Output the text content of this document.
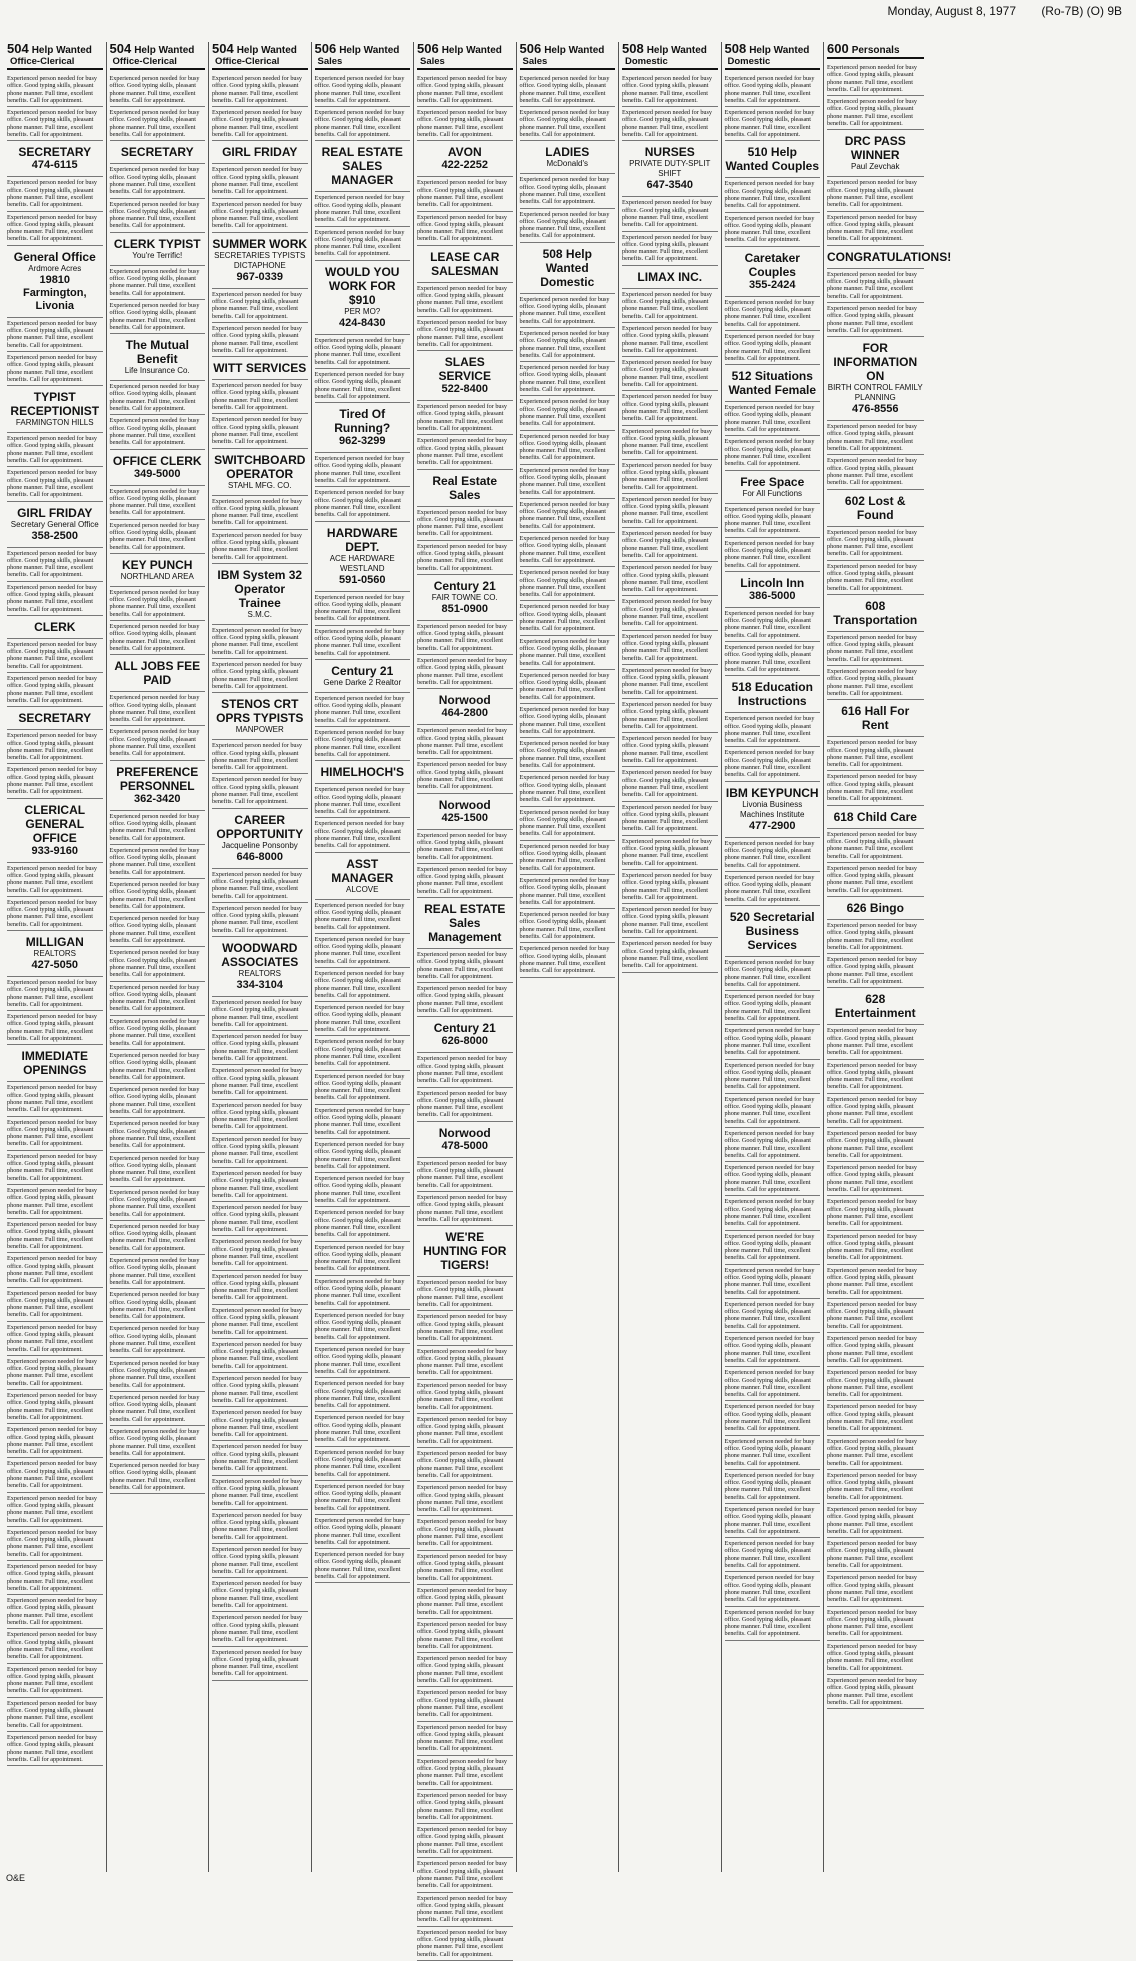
Monday, August 8, 1977 (Ro-7B) (O) 9B
504 Help Wanted
Office-Clerical
Experienced person needed for busy office. Good typing skills, pleasant phone manner. Full time, excellent benefits. Call for appointment.
Experienced person needed for busy office. Good typing skills, pleasant phone manner. Full time, excellent benefits. Call for appointment.
SECRETARY
474-6115
Experienced person needed for busy office. Good typing skills, pleasant phone manner. Full time, excellent benefits. Call for appointment.
Experienced person needed for busy office. Good typing skills, pleasant phone manner. Full time, excellent benefits. Call for appointment.
General Office
Ardmore Acres
19810 Farmington, Livonia
Experienced person needed for busy office. Good typing skills, pleasant phone manner. Full time, excellent benefits. Call for appointment.
Experienced person needed for busy office. Good typing skills, pleasant phone manner. Full time, excellent benefits. Call for appointment.
TYPIST RECEPTIONIST
FARMINGTON HILLS
Experienced person needed for busy office. Good typing skills, pleasant phone manner. Full time, excellent benefits. Call for appointment.
Experienced person needed for busy office. Good typing skills, pleasant phone manner. Full time, excellent benefits. Call for appointment.
GIRL FRIDAY
Secretary General Office
358-2500
Experienced person needed for busy office. Good typing skills, pleasant phone manner. Full time, excellent benefits. Call for appointment.
Experienced person needed for busy office. Good typing skills, pleasant phone manner. Full time, excellent benefits. Call for appointment.
CLERK
Experienced person needed for busy office. Good typing skills, pleasant phone manner. Full time, excellent benefits. Call for appointment.
Experienced person needed for busy office. Good typing skills, pleasant phone manner. Full time, excellent benefits. Call for appointment.
SECRETARY
Experienced person needed for busy office. Good typing skills, pleasant phone manner. Full time, excellent benefits. Call for appointment.
Experienced person needed for busy office. Good typing skills, pleasant phone manner. Full time, excellent benefits. Call for appointment.
CLERICAL GENERAL OFFICE
933-9160
Experienced person needed for busy office. Good typing skills, pleasant phone manner. Full time, excellent benefits. Call for appointment.
Experienced person needed for busy office. Good typing skills, pleasant phone manner. Full time, excellent benefits. Call for appointment.
MILLIGAN
REALTORS
427-5050
Experienced person needed for busy office. Good typing skills, pleasant phone manner. Full time, excellent benefits. Call for appointment.
Experienced person needed for busy office. Good typing skills, pleasant phone manner. Full time, excellent benefits. Call for appointment.
IMMEDIATE OPENINGS
Experienced person needed for busy office. Good typing skills, pleasant phone manner. Full time, excellent benefits. Call for appointment.
Experienced person needed for busy office. Good typing skills, pleasant phone manner. Full time, excellent benefits. Call for appointment.
Experienced person needed for busy office. Good typing skills, pleasant phone manner. Full time, excellent benefits. Call for appointment.
Experienced person needed for busy office. Good typing skills, pleasant phone manner. Full time, excellent benefits. Call for appointment.
Experienced person needed for busy office. Good typing skills, pleasant phone manner. Full time, excellent benefits. Call for appointment.
Experienced person needed for busy office. Good typing skills, pleasant phone manner. Full time, excellent benefits. Call for appointment.
Experienced person needed for busy office. Good typing skills, pleasant phone manner. Full time, excellent benefits. Call for appointment.
Experienced person needed for busy office. Good typing skills, pleasant phone manner. Full time, excellent benefits. Call for appointment.
Experienced person needed for busy office. Good typing skills, pleasant phone manner. Full time, excellent benefits. Call for appointment.
Experienced person needed for busy office. Good typing skills, pleasant phone manner. Full time, excellent benefits. Call for appointment.
Experienced person needed for busy office. Good typing skills, pleasant phone manner. Full time, excellent benefits. Call for appointment.
Experienced person needed for busy office. Good typing skills, pleasant phone manner. Full time, excellent benefits. Call for appointment.
Experienced person needed for busy office. Good typing skills, pleasant phone manner. Full time, excellent benefits. Call for appointment.
Experienced person needed for busy office. Good typing skills, pleasant phone manner. Full time, excellent benefits. Call for appointment.
Experienced person needed for busy office. Good typing skills, pleasant phone manner. Full time, excellent benefits. Call for appointment.
Experienced person needed for busy office. Good typing skills, pleasant phone manner. Full time, excellent benefits. Call for appointment.
Experienced person needed for busy office. Good typing skills, pleasant phone manner. Full time, excellent benefits. Call for appointment.
Experienced person needed for busy office. Good typing skills, pleasant phone manner. Full time, excellent benefits. Call for appointment.
Experienced person needed for busy office. Good typing skills, pleasant phone manner. Full time, excellent benefits. Call for appointment.
Experienced person needed for busy office. Good typing skills, pleasant phone manner. Full time, excellent benefits. Call for appointment.
504 Help Wanted
Office-Clerical
Experienced person needed for busy office. Good typing skills, pleasant phone manner. Full time, excellent benefits. Call for appointment.
Experienced person needed for busy office. Good typing skills, pleasant phone manner. Full time, excellent benefits. Call for appointment.
SECRETARY
Experienced person needed for busy office. Good typing skills, pleasant phone manner. Full time, excellent benefits. Call for appointment.
Experienced person needed for busy office. Good typing skills, pleasant phone manner. Full time, excellent benefits. Call for appointment.
CLERK TYPIST
You're Terrific!
Experienced person needed for busy office. Good typing skills, pleasant phone manner. Full time, excellent benefits. Call for appointment.
Experienced person needed for busy office. Good typing skills, pleasant phone manner. Full time, excellent benefits. Call for appointment.
The Mutual Benefit
Life Insurance Co.
Experienced person needed for busy office. Good typing skills, pleasant phone manner. Full time, excellent benefits. Call for appointment.
Experienced person needed for busy office. Good typing skills, pleasant phone manner. Full time, excellent benefits. Call for appointment.
OFFICE CLERK
349-5000
Experienced person needed for busy office. Good typing skills, pleasant phone manner. Full time, excellent benefits. Call for appointment.
Experienced person needed for busy office. Good typing skills, pleasant phone manner. Full time, excellent benefits. Call for appointment.
KEY PUNCH
NORTHLAND AREA
Experienced person needed for busy office. Good typing skills, pleasant phone manner. Full time, excellent benefits. Call for appointment.
Experienced person needed for busy office. Good typing skills, pleasant phone manner. Full time, excellent benefits. Call for appointment.
ALL JOBS FEE PAID
Experienced person needed for busy office. Good typing skills, pleasant phone manner. Full time, excellent benefits. Call for appointment.
Experienced person needed for busy office. Good typing skills, pleasant phone manner. Full time, excellent benefits. Call for appointment.
PREFERENCE PERSONNEL
362-3420
Experienced person needed for busy office. Good typing skills, pleasant phone manner. Full time, excellent benefits. Call for appointment.
Experienced person needed for busy office. Good typing skills, pleasant phone manner. Full time, excellent benefits. Call for appointment.
Experienced person needed for busy office. Good typing skills, pleasant phone manner. Full time, excellent benefits. Call for appointment.
Experienced person needed for busy office. Good typing skills, pleasant phone manner. Full time, excellent benefits. Call for appointment.
Experienced person needed for busy office. Good typing skills, pleasant phone manner. Full time, excellent benefits. Call for appointment.
Experienced person needed for busy office. Good typing skills, pleasant phone manner. Full time, excellent benefits. Call for appointment.
Experienced person needed for busy office. Good typing skills, pleasant phone manner. Full time, excellent benefits. Call for appointment.
Experienced person needed for busy office. Good typing skills, pleasant phone manner. Full time, excellent benefits. Call for appointment.
Experienced person needed for busy office. Good typing skills, pleasant phone manner. Full time, excellent benefits. Call for appointment.
Experienced person needed for busy office. Good typing skills, pleasant phone manner. Full time, excellent benefits. Call for appointment.
Experienced person needed for busy office. Good typing skills, pleasant phone manner. Full time, excellent benefits. Call for appointment.
Experienced person needed for busy office. Good typing skills, pleasant phone manner. Full time, excellent benefits. Call for appointment.
Experienced person needed for busy office. Good typing skills, pleasant phone manner. Full time, excellent benefits. Call for appointment.
Experienced person needed for busy office. Good typing skills, pleasant phone manner. Full time, excellent benefits. Call for appointment.
Experienced person needed for busy office. Good typing skills, pleasant phone manner. Full time, excellent benefits. Call for appointment.
Experienced person needed for busy office. Good typing skills, pleasant phone manner. Full time, excellent benefits. Call for appointment.
Experienced person needed for busy office. Good typing skills, pleasant phone manner. Full time, excellent benefits. Call for appointment.
Experienced person needed for busy office. Good typing skills, pleasant phone manner. Full time, excellent benefits. Call for appointment.
Experienced person needed for busy office. Good typing skills, pleasant phone manner. Full time, excellent benefits. Call for appointment.
Experienced person needed for busy office. Good typing skills, pleasant phone manner. Full time, excellent benefits. Call for appointment.
504 Help Wanted
Office-Clerical
Experienced person needed for busy office. Good typing skills, pleasant phone manner. Full time, excellent benefits. Call for appointment.
Experienced person needed for busy office. Good typing skills, pleasant phone manner. Full time, excellent benefits. Call for appointment.
GIRL FRIDAY
Experienced person needed for busy office. Good typing skills, pleasant phone manner. Full time, excellent benefits. Call for appointment.
Experienced person needed for busy office. Good typing skills, pleasant phone manner. Full time, excellent benefits. Call for appointment.
SUMMER WORK
SECRETARIES TYPISTS DICTAPHONE
967-0339
Experienced person needed for busy office. Good typing skills, pleasant phone manner. Full time, excellent benefits. Call for appointment.
Experienced person needed for busy office. Good typing skills, pleasant phone manner. Full time, excellent benefits. Call for appointment.
WITT SERVICES
Experienced person needed for busy office. Good typing skills, pleasant phone manner. Full time, excellent benefits. Call for appointment.
Experienced person needed for busy office. Good typing skills, pleasant phone manner. Full time, excellent benefits. Call for appointment.
SWITCHBOARD OPERATOR
STAHL MFG. CO.
Experienced person needed for busy office. Good typing skills, pleasant phone manner. Full time, excellent benefits. Call for appointment.
Experienced person needed for busy office. Good typing skills, pleasant phone manner. Full time, excellent benefits. Call for appointment.
IBM System 32 Operator Trainee
S.M.C.
Experienced person needed for busy office. Good typing skills, pleasant phone manner. Full time, excellent benefits. Call for appointment.
Experienced person needed for busy office. Good typing skills, pleasant phone manner. Full time, excellent benefits. Call for appointment.
STENOS CRT OPRS TYPISTS
MANPOWER
Experienced person needed for busy office. Good typing skills, pleasant phone manner. Full time, excellent benefits. Call for appointment.
Experienced person needed for busy office. Good typing skills, pleasant phone manner. Full time, excellent benefits. Call for appointment.
CAREER OPPORTUNITY
Jacqueline Ponsonby
646-8000
Experienced person needed for busy office. Good typing skills, pleasant phone manner. Full time, excellent benefits. Call for appointment.
Experienced person needed for busy office. Good typing skills, pleasant phone manner. Full time, excellent benefits. Call for appointment.
WOODWARD ASSOCIATES
REALTORS
334-3104
Experienced person needed for busy office. Good typing skills, pleasant phone manner. Full time, excellent benefits. Call for appointment.
Experienced person needed for busy office. Good typing skills, pleasant phone manner. Full time, excellent benefits. Call for appointment.
Experienced person needed for busy office. Good typing skills, pleasant phone manner. Full time, excellent benefits. Call for appointment.
Experienced person needed for busy office. Good typing skills, pleasant phone manner. Full time, excellent benefits. Call for appointment.
Experienced person needed for busy office. Good typing skills, pleasant phone manner. Full time, excellent benefits. Call for appointment.
Experienced person needed for busy office. Good typing skills, pleasant phone manner. Full time, excellent benefits. Call for appointment.
Experienced person needed for busy office. Good typing skills, pleasant phone manner. Full time, excellent benefits. Call for appointment.
Experienced person needed for busy office. Good typing skills, pleasant phone manner. Full time, excellent benefits. Call for appointment.
Experienced person needed for busy office. Good typing skills, pleasant phone manner. Full time, excellent benefits. Call for appointment.
Experienced person needed for busy office. Good typing skills, pleasant phone manner. Full time, excellent benefits. Call for appointment.
Experienced person needed for busy office. Good typing skills, pleasant phone manner. Full time, excellent benefits. Call for appointment.
Experienced person needed for busy office. Good typing skills, pleasant phone manner. Full time, excellent benefits. Call for appointment.
Experienced person needed for busy office. Good typing skills, pleasant phone manner. Full time, excellent benefits. Call for appointment.
Experienced person needed for busy office. Good typing skills, pleasant phone manner. Full time, excellent benefits. Call for appointment.
Experienced person needed for busy office. Good typing skills, pleasant phone manner. Full time, excellent benefits. Call for appointment.
Experienced person needed for busy office. Good typing skills, pleasant phone manner. Full time, excellent benefits. Call for appointment.
Experienced person needed for busy office. Good typing skills, pleasant phone manner. Full time, excellent benefits. Call for appointment.
Experienced person needed for busy office. Good typing skills, pleasant phone manner. Full time, excellent benefits. Call for appointment.
Experienced person needed for busy office. Good typing skills, pleasant phone manner. Full time, excellent benefits. Call for appointment.
Experienced person needed for busy office. Good typing skills, pleasant phone manner. Full time, excellent benefits. Call for appointment.
506 Help Wanted
Sales
Experienced person needed for busy office. Good typing skills, pleasant phone manner. Full time, excellent benefits. Call for appointment.
Experienced person needed for busy office. Good typing skills, pleasant phone manner. Full time, excellent benefits. Call for appointment.
REAL ESTATE SALES MANAGER
Experienced person needed for busy office. Good typing skills, pleasant phone manner. Full time, excellent benefits. Call for appointment.
Experienced person needed for busy office. Good typing skills, pleasant phone manner. Full time, excellent benefits. Call for appointment.
WOULD YOU WORK FOR $910
PER MO?
424-8430
Experienced person needed for busy office. Good typing skills, pleasant phone manner. Full time, excellent benefits. Call for appointment.
Experienced person needed for busy office. Good typing skills, pleasant phone manner. Full time, excellent benefits. Call for appointment.
Tired Of Running?
962-3299
Experienced person needed for busy office. Good typing skills, pleasant phone manner. Full time, excellent benefits. Call for appointment.
Experienced person needed for busy office. Good typing skills, pleasant phone manner. Full time, excellent benefits. Call for appointment.
HARDWARE DEPT.
ACE HARDWARE WESTLAND
591-0560
Experienced person needed for busy office. Good typing skills, pleasant phone manner. Full time, excellent benefits. Call for appointment.
Experienced person needed for busy office. Good typing skills, pleasant phone manner. Full time, excellent benefits. Call for appointment.
Century 21
Gene Darke 2 Realtor
Experienced person needed for busy office. Good typing skills, pleasant phone manner. Full time, excellent benefits. Call for appointment.
Experienced person needed for busy office. Good typing skills, pleasant phone manner. Full time, excellent benefits. Call for appointment.
HIMELHOCH'S
Experienced person needed for busy office. Good typing skills, pleasant phone manner. Full time, excellent benefits. Call for appointment.
Experienced person needed for busy office. Good typing skills, pleasant phone manner. Full time, excellent benefits. Call for appointment.
ASST MANAGER
ALCOVE
Experienced person needed for busy office. Good typing skills, pleasant phone manner. Full time, excellent benefits. Call for appointment.
Experienced person needed for busy office. Good typing skills, pleasant phone manner. Full time, excellent benefits. Call for appointment.
Experienced person needed for busy office. Good typing skills, pleasant phone manner. Full time, excellent benefits. Call for appointment.
Experienced person needed for busy office. Good typing skills, pleasant phone manner. Full time, excellent benefits. Call for appointment.
Experienced person needed for busy office. Good typing skills, pleasant phone manner. Full time, excellent benefits. Call for appointment.
Experienced person needed for busy office. Good typing skills, pleasant phone manner. Full time, excellent benefits. Call for appointment.
Experienced person needed for busy office. Good typing skills, pleasant phone manner. Full time, excellent benefits. Call for appointment.
Experienced person needed for busy office. Good typing skills, pleasant phone manner. Full time, excellent benefits. Call for appointment.
Experienced person needed for busy office. Good typing skills, pleasant phone manner. Full time, excellent benefits. Call for appointment.
Experienced person needed for busy office. Good typing skills, pleasant phone manner. Full time, excellent benefits. Call for appointment.
Experienced person needed for busy office. Good typing skills, pleasant phone manner. Full time, excellent benefits. Call for appointment.
Experienced person needed for busy office. Good typing skills, pleasant phone manner. Full time, excellent benefits. Call for appointment.
Experienced person needed for busy office. Good typing skills, pleasant phone manner. Full time, excellent benefits. Call for appointment.
Experienced person needed for busy office. Good typing skills, pleasant phone manner. Full time, excellent benefits. Call for appointment.
Experienced person needed for busy office. Good typing skills, pleasant phone manner. Full time, excellent benefits. Call for appointment.
Experienced person needed for busy office. Good typing skills, pleasant phone manner. Full time, excellent benefits. Call for appointment.
Experienced person needed for busy office. Good typing skills, pleasant phone manner. Full time, excellent benefits. Call for appointment.
Experienced person needed for busy office. Good typing skills, pleasant phone manner. Full time, excellent benefits. Call for appointment.
Experienced person needed for busy office. Good typing skills, pleasant phone manner. Full time, excellent benefits. Call for appointment.
Experienced person needed for busy office. Good typing skills, pleasant phone manner. Full time, excellent benefits. Call for appointment.
506 Help Wanted
Sales
Experienced person needed for busy office. Good typing skills, pleasant phone manner. Full time, excellent benefits. Call for appointment.
Experienced person needed for busy office. Good typing skills, pleasant phone manner. Full time, excellent benefits. Call for appointment.
AVON
422-2252
Experienced person needed for busy office. Good typing skills, pleasant phone manner. Full time, excellent benefits. Call for appointment.
Experienced person needed for busy office. Good typing skills, pleasant phone manner. Full time, excellent benefits. Call for appointment.
LEASE CAR SALESMAN
Experienced person needed for busy office. Good typing skills, pleasant phone manner. Full time, excellent benefits. Call for appointment.
Experienced person needed for busy office. Good typing skills, pleasant phone manner. Full time, excellent benefits. Call for appointment.
SLAES SERVICE
522-8400
Experienced person needed for busy office. Good typing skills, pleasant phone manner. Full time, excellent benefits. Call for appointment.
Experienced person needed for busy office. Good typing skills, pleasant phone manner. Full time, excellent benefits. Call for appointment.
Real Estate Sales
Experienced person needed for busy office. Good typing skills, pleasant phone manner. Full time, excellent benefits. Call for appointment.
Experienced person needed for busy office. Good typing skills, pleasant phone manner. Full time, excellent benefits. Call for appointment.
Century 21
FAIR TOWNE CO.
851-0900
Experienced person needed for busy office. Good typing skills, pleasant phone manner. Full time, excellent benefits. Call for appointment.
Experienced person needed for busy office. Good typing skills, pleasant phone manner. Full time, excellent benefits. Call for appointment.
Norwood
464-2800
Experienced person needed for busy office. Good typing skills, pleasant phone manner. Full time, excellent benefits. Call for appointment.
Experienced person needed for busy office. Good typing skills, pleasant phone manner. Full time, excellent benefits. Call for appointment.
Norwood
425-1500
Experienced person needed for busy office. Good typing skills, pleasant phone manner. Full time, excellent benefits. Call for appointment.
Experienced person needed for busy office. Good typing skills, pleasant phone manner. Full time, excellent benefits. Call for appointment.
REAL ESTATE Sales Management
Experienced person needed for busy office. Good typing skills, pleasant phone manner. Full time, excellent benefits. Call for appointment.
Experienced person needed for busy office. Good typing skills, pleasant phone manner. Full time, excellent benefits. Call for appointment.
Century 21
626-8000
Experienced person needed for busy office. Good typing skills, pleasant phone manner. Full time, excellent benefits. Call for appointment.
Experienced person needed for busy office. Good typing skills, pleasant phone manner. Full time, excellent benefits. Call for appointment.
Norwood
478-5000
Experienced person needed for busy office. Good typing skills, pleasant phone manner. Full time, excellent benefits. Call for appointment.
Experienced person needed for busy office. Good typing skills, pleasant phone manner. Full time, excellent benefits. Call for appointment.
WE'RE HUNTING FOR TIGERS!
Experienced person needed for busy office. Good typing skills, pleasant phone manner. Full time, excellent benefits. Call for appointment.
Experienced person needed for busy office. Good typing skills, pleasant phone manner. Full time, excellent benefits. Call for appointment.
Experienced person needed for busy office. Good typing skills, pleasant phone manner. Full time, excellent benefits. Call for appointment.
Experienced person needed for busy office. Good typing skills, pleasant phone manner. Full time, excellent benefits. Call for appointment.
Experienced person needed for busy office. Good typing skills, pleasant phone manner. Full time, excellent benefits. Call for appointment.
Experienced person needed for busy office. Good typing skills, pleasant phone manner. Full time, excellent benefits. Call for appointment.
Experienced person needed for busy office. Good typing skills, pleasant phone manner. Full time, excellent benefits. Call for appointment.
Experienced person needed for busy office. Good typing skills, pleasant phone manner. Full time, excellent benefits. Call for appointment.
Experienced person needed for busy office. Good typing skills, pleasant phone manner. Full time, excellent benefits. Call for appointment.
Experienced person needed for busy office. Good typing skills, pleasant phone manner. Full time, excellent benefits. Call for appointment.
Experienced person needed for busy office. Good typing skills, pleasant phone manner. Full time, excellent benefits. Call for appointment.
Experienced person needed for busy office. Good typing skills, pleasant phone manner. Full time, excellent benefits. Call for appointment.
Experienced person needed for busy office. Good typing skills, pleasant phone manner. Full time, excellent benefits. Call for appointment.
Experienced person needed for busy office. Good typing skills, pleasant phone manner. Full time, excellent benefits. Call for appointment.
Experienced person needed for busy office. Good typing skills, pleasant phone manner. Full time, excellent benefits. Call for appointment.
Experienced person needed for busy office. Good typing skills, pleasant phone manner. Full time, excellent benefits. Call for appointment.
Experienced person needed for busy office. Good typing skills, pleasant phone manner. Full time, excellent benefits. Call for appointment.
Experienced person needed for busy office. Good typing skills, pleasant phone manner. Full time, excellent benefits. Call for appointment.
Experienced person needed for busy office. Good typing skills, pleasant phone manner. Full time, excellent benefits. Call for appointment.
Experienced person needed for busy office. Good typing skills, pleasant phone manner. Full time, excellent benefits. Call for appointment.
506 Help Wanted
Sales
Experienced person needed for busy office. Good typing skills, pleasant phone manner. Full time, excellent benefits. Call for appointment.
Experienced person needed for busy office. Good typing skills, pleasant phone manner. Full time, excellent benefits. Call for appointment.
LADIES
McDonald's
Experienced person needed for busy office. Good typing skills, pleasant phone manner. Full time, excellent benefits. Call for appointment.
Experienced person needed for busy office. Good typing skills, pleasant phone manner. Full time, excellent benefits. Call for appointment.
508 Help Wanted Domestic
Experienced person needed for busy office. Good typing skills, pleasant phone manner. Full time, excellent benefits. Call for appointment.
Experienced person needed for busy office. Good typing skills, pleasant phone manner. Full time, excellent benefits. Call for appointment.
Experienced person needed for busy office. Good typing skills, pleasant phone manner. Full time, excellent benefits. Call for appointment.
Experienced person needed for busy office. Good typing skills, pleasant phone manner. Full time, excellent benefits. Call for appointment.
Experienced person needed for busy office. Good typing skills, pleasant phone manner. Full time, excellent benefits. Call for appointment.
Experienced person needed for busy office. Good typing skills, pleasant phone manner. Full time, excellent benefits. Call for appointment.
Experienced person needed for busy office. Good typing skills, pleasant phone manner. Full time, excellent benefits. Call for appointment.
Experienced person needed for busy office. Good typing skills, pleasant phone manner. Full time, excellent benefits. Call for appointment.
Experienced person needed for busy office. Good typing skills, pleasant phone manner. Full time, excellent benefits. Call for appointment.
Experienced person needed for busy office. Good typing skills, pleasant phone manner. Full time, excellent benefits. Call for appointment.
Experienced person needed for busy office. Good typing skills, pleasant phone manner. Full time, excellent benefits. Call for appointment.
Experienced person needed for busy office. Good typing skills, pleasant phone manner. Full time, excellent benefits. Call for appointment.
Experienced person needed for busy office. Good typing skills, pleasant phone manner. Full time, excellent benefits. Call for appointment.
Experienced person needed for busy office. Good typing skills, pleasant phone manner. Full time, excellent benefits. Call for appointment.
Experienced person needed for busy office. Good typing skills, pleasant phone manner. Full time, excellent benefits. Call for appointment.
Experienced person needed for busy office. Good typing skills, pleasant phone manner. Full time, excellent benefits. Call for appointment.
Experienced person needed for busy office. Good typing skills, pleasant phone manner. Full time, excellent benefits. Call for appointment.
Experienced person needed for busy office. Good typing skills, pleasant phone manner. Full time, excellent benefits. Call for appointment.
Experienced person needed for busy office. Good typing skills, pleasant phone manner. Full time, excellent benefits. Call for appointment.
Experienced person needed for busy office. Good typing skills, pleasant phone manner. Full time, excellent benefits. Call for appointment.
508 Help Wanted
Domestic
Experienced person needed for busy office. Good typing skills, pleasant phone manner. Full time, excellent benefits. Call for appointment.
Experienced person needed for busy office. Good typing skills, pleasant phone manner. Full time, excellent benefits. Call for appointment.
NURSES
PRIVATE DUTY-SPLIT SHIFT
647-3540
Experienced person needed for busy office. Good typing skills, pleasant phone manner. Full time, excellent benefits. Call for appointment.
Experienced person needed for busy office. Good typing skills, pleasant phone manner. Full time, excellent benefits. Call for appointment.
LIMAX INC.
Experienced person needed for busy office. Good typing skills, pleasant phone manner. Full time, excellent benefits. Call for appointment.
Experienced person needed for busy office. Good typing skills, pleasant phone manner. Full time, excellent benefits. Call for appointment.
Experienced person needed for busy office. Good typing skills, pleasant phone manner. Full time, excellent benefits. Call for appointment.
Experienced person needed for busy office. Good typing skills, pleasant phone manner. Full time, excellent benefits. Call for appointment.
Experienced person needed for busy office. Good typing skills, pleasant phone manner. Full time, excellent benefits. Call for appointment.
Experienced person needed for busy office. Good typing skills, pleasant phone manner. Full time, excellent benefits. Call for appointment.
Experienced person needed for busy office. Good typing skills, pleasant phone manner. Full time, excellent benefits. Call for appointment.
Experienced person needed for busy office. Good typing skills, pleasant phone manner. Full time, excellent benefits. Call for appointment.
Experienced person needed for busy office. Good typing skills, pleasant phone manner. Full time, excellent benefits. Call for appointment.
Experienced person needed for busy office. Good typing skills, pleasant phone manner. Full time, excellent benefits. Call for appointment.
Experienced person needed for busy office. Good typing skills, pleasant phone manner. Full time, excellent benefits. Call for appointment.
Experienced person needed for busy office. Good typing skills, pleasant phone manner. Full time, excellent benefits. Call for appointment.
Experienced person needed for busy office. Good typing skills, pleasant phone manner. Full time, excellent benefits. Call for appointment.
Experienced person needed for busy office. Good typing skills, pleasant phone manner. Full time, excellent benefits. Call for appointment.
Experienced person needed for busy office. Good typing skills, pleasant phone manner. Full time, excellent benefits. Call for appointment.
Experienced person needed for busy office. Good typing skills, pleasant phone manner. Full time, excellent benefits. Call for appointment.
Experienced person needed for busy office. Good typing skills, pleasant phone manner. Full time, excellent benefits. Call for appointment.
Experienced person needed for busy office. Good typing skills, pleasant phone manner. Full time, excellent benefits. Call for appointment.
Experienced person needed for busy office. Good typing skills, pleasant phone manner. Full time, excellent benefits. Call for appointment.
Experienced person needed for busy office. Good typing skills, pleasant phone manner. Full time, excellent benefits. Call for appointment.
508 Help Wanted
Domestic
Experienced person needed for busy office. Good typing skills, pleasant phone manner. Full time, excellent benefits. Call for appointment.
Experienced person needed for busy office. Good typing skills, pleasant phone manner. Full time, excellent benefits. Call for appointment.
510 Help Wanted Couples
Experienced person needed for busy office. Good typing skills, pleasant phone manner. Full time, excellent benefits. Call for appointment.
Experienced person needed for busy office. Good typing skills, pleasant phone manner. Full time, excellent benefits. Call for appointment.
Caretaker Couples
355-2424
Experienced person needed for busy office. Good typing skills, pleasant phone manner. Full time, excellent benefits. Call for appointment.
Experienced person needed for busy office. Good typing skills, pleasant phone manner. Full time, excellent benefits. Call for appointment.
512 Situations Wanted Female
Experienced person needed for busy office. Good typing skills, pleasant phone manner. Full time, excellent benefits. Call for appointment.
Experienced person needed for busy office. Good typing skills, pleasant phone manner. Full time, excellent benefits. Call for appointment.
Free Space
For All Functions
Experienced person needed for busy office. Good typing skills, pleasant phone manner. Full time, excellent benefits. Call for appointment.
Experienced person needed for busy office. Good typing skills, pleasant phone manner. Full time, excellent benefits. Call for appointment.
Lincoln Inn
386-5000
Experienced person needed for busy office. Good typing skills, pleasant phone manner. Full time, excellent benefits. Call for appointment.
Experienced person needed for busy office. Good typing skills, pleasant phone manner. Full time, excellent benefits. Call for appointment.
518 Education Instructions
Experienced person needed for busy office. Good typing skills, pleasant phone manner. Full time, excellent benefits. Call for appointment.
Experienced person needed for busy office. Good typing skills, pleasant phone manner. Full time, excellent benefits. Call for appointment.
IBM KEYPUNCH
Livonia Business Machines Institute
477-2900
Experienced person needed for busy office. Good typing skills, pleasant phone manner. Full time, excellent benefits. Call for appointment.
Experienced person needed for busy office. Good typing skills, pleasant phone manner. Full time, excellent benefits. Call for appointment.
520 Secretarial Business Services
Experienced person needed for busy office. Good typing skills, pleasant phone manner. Full time, excellent benefits. Call for appointment.
Experienced person needed for busy office. Good typing skills, pleasant phone manner. Full time, excellent benefits. Call for appointment.
Experienced person needed for busy office. Good typing skills, pleasant phone manner. Full time, excellent benefits. Call for appointment.
Experienced person needed for busy office. Good typing skills, pleasant phone manner. Full time, excellent benefits. Call for appointment.
Experienced person needed for busy office. Good typing skills, pleasant phone manner. Full time, excellent benefits. Call for appointment.
Experienced person needed for busy office. Good typing skills, pleasant phone manner. Full time, excellent benefits. Call for appointment.
Experienced person needed for busy office. Good typing skills, pleasant phone manner. Full time, excellent benefits. Call for appointment.
Experienced person needed for busy office. Good typing skills, pleasant phone manner. Full time, excellent benefits. Call for appointment.
Experienced person needed for busy office. Good typing skills, pleasant phone manner. Full time, excellent benefits. Call for appointment.
Experienced person needed for busy office. Good typing skills, pleasant phone manner. Full time, excellent benefits. Call for appointment.
Experienced person needed for busy office. Good typing skills, pleasant phone manner. Full time, excellent benefits. Call for appointment.
Experienced person needed for busy office. Good typing skills, pleasant phone manner. Full time, excellent benefits. Call for appointment.
Experienced person needed for busy office. Good typing skills, pleasant phone manner. Full time, excellent benefits. Call for appointment.
Experienced person needed for busy office. Good typing skills, pleasant phone manner. Full time, excellent benefits. Call for appointment.
Experienced person needed for busy office. Good typing skills, pleasant phone manner. Full time, excellent benefits. Call for appointment.
Experienced person needed for busy office. Good typing skills, pleasant phone manner. Full time, excellent benefits. Call for appointment.
Experienced person needed for busy office. Good typing skills, pleasant phone manner. Full time, excellent benefits. Call for appointment.
Experienced person needed for busy office. Good typing skills, pleasant phone manner. Full time, excellent benefits. Call for appointment.
Experienced person needed for busy office. Good typing skills, pleasant phone manner. Full time, excellent benefits. Call for appointment.
Experienced person needed for busy office. Good typing skills, pleasant phone manner. Full time, excellent benefits. Call for appointment.
600 Personals
Experienced person needed for busy office. Good typing skills, pleasant phone manner. Full time, excellent benefits. Call for appointment.
Experienced person needed for busy office. Good typing skills, pleasant phone manner. Full time, excellent benefits. Call for appointment.
DRC PASS WINNER
Paul Zevchak
Experienced person needed for busy office. Good typing skills, pleasant phone manner. Full time, excellent benefits. Call for appointment.
Experienced person needed for busy office. Good typing skills, pleasant phone manner. Full time, excellent benefits. Call for appointment.
CONGRATULATIONS!
Experienced person needed for busy office. Good typing skills, pleasant phone manner. Full time, excellent benefits. Call for appointment.
Experienced person needed for busy office. Good typing skills, pleasant phone manner. Full time, excellent benefits. Call for appointment.
FOR INFORMATION ON
BIRTH CONTROL FAMILY PLANNING
476-8556
Experienced person needed for busy office. Good typing skills, pleasant phone manner. Full time, excellent benefits. Call for appointment.
Experienced person needed for busy office. Good typing skills, pleasant phone manner. Full time, excellent benefits. Call for appointment.
602 Lost & Found
Experienced person needed for busy office. Good typing skills, pleasant phone manner. Full time, excellent benefits. Call for appointment.
Experienced person needed for busy office. Good typing skills, pleasant phone manner. Full time, excellent benefits. Call for appointment.
608 Transportation
Experienced person needed for busy office. Good typing skills, pleasant phone manner. Full time, excellent benefits. Call for appointment.
Experienced person needed for busy office. Good typing skills, pleasant phone manner. Full time, excellent benefits. Call for appointment.
616 Hall For Rent
Experienced person needed for busy office. Good typing skills, pleasant phone manner. Full time, excellent benefits. Call for appointment.
Experienced person needed for busy office. Good typing skills, pleasant phone manner. Full time, excellent benefits. Call for appointment.
618 Child Care
Experienced person needed for busy office. Good typing skills, pleasant phone manner. Full time, excellent benefits. Call for appointment.
Experienced person needed for busy office. Good typing skills, pleasant phone manner. Full time, excellent benefits. Call for appointment.
626 Bingo
Experienced person needed for busy office. Good typing skills, pleasant phone manner. Full time, excellent benefits. Call for appointment.
Experienced person needed for busy office. Good typing skills, pleasant phone manner. Full time, excellent benefits. Call for appointment.
628 Entertainment
Experienced person needed for busy office. Good typing skills, pleasant phone manner. Full time, excellent benefits. Call for appointment.
Experienced person needed for busy office. Good typing skills, pleasant phone manner. Full time, excellent benefits. Call for appointment.
Experienced person needed for busy office. Good typing skills, pleasant phone manner. Full time, excellent benefits. Call for appointment.
Experienced person needed for busy office. Good typing skills, pleasant phone manner. Full time, excellent benefits. Call for appointment.
Experienced person needed for busy office. Good typing skills, pleasant phone manner. Full time, excellent benefits. Call for appointment.
Experienced person needed for busy office. Good typing skills, pleasant phone manner. Full time, excellent benefits. Call for appointment.
Experienced person needed for busy office. Good typing skills, pleasant phone manner. Full time, excellent benefits. Call for appointment.
Experienced person needed for busy office. Good typing skills, pleasant phone manner. Full time, excellent benefits. Call for appointment.
Experienced person needed for busy office. Good typing skills, pleasant phone manner. Full time, excellent benefits. Call for appointment.
Experienced person needed for busy office. Good typing skills, pleasant phone manner. Full time, excellent benefits. Call for appointment.
Experienced person needed for busy office. Good typing skills, pleasant phone manner. Full time, excellent benefits. Call for appointment.
Experienced person needed for busy office. Good typing skills, pleasant phone manner. Full time, excellent benefits. Call for appointment.
Experienced person needed for busy office. Good typing skills, pleasant phone manner. Full time, excellent benefits. Call for appointment.
Experienced person needed for busy office. Good typing skills, pleasant phone manner. Full time, excellent benefits. Call for appointment.
Experienced person needed for busy office. Good typing skills, pleasant phone manner. Full time, excellent benefits. Call for appointment.
Experienced person needed for busy office. Good typing skills, pleasant phone manner. Full time, excellent benefits. Call for appointment.
Experienced person needed for busy office. Good typing skills, pleasant phone manner. Full time, excellent benefits. Call for appointment.
Experienced person needed for busy office. Good typing skills, pleasant phone manner. Full time, excellent benefits. Call for appointment.
Experienced person needed for busy office. Good typing skills, pleasant phone manner. Full time, excellent benefits. Call for appointment.
Experienced person needed for busy office. Good typing skills, pleasant phone manner. Full time, excellent benefits. Call for appointment.
O&E
